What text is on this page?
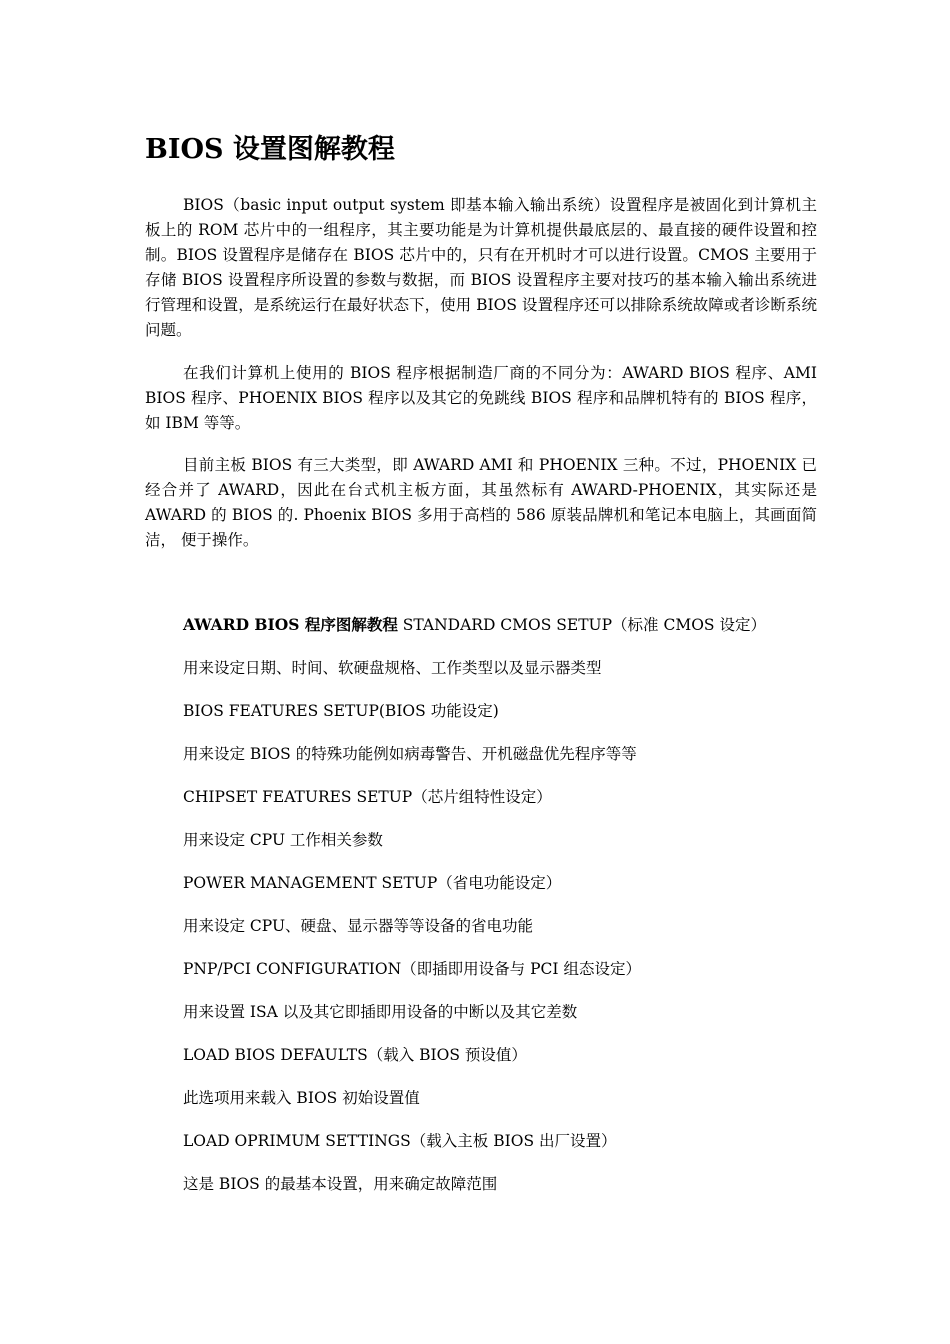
BIOS 设置图解教程

BIOS（basic input output system 即基本输入输出系统）设置程序是被固化到计算机主板上的 ROM 芯片中的一组程序，其主要功能是为计算机提供最底层的、最直接的硬件设置和控制。BIOS 设置程序是储存在 BIOS 芯片中的，只有在开机时才可以进行设置。CMOS 主要用于存储 BIOS 设置程序所设置的参数与数据，而 BIOS 设置程序主要对技巧的基本输入输出系统进行管理和设置，是系统运行在最好状态下，使用 BIOS 设置程序还可以排除系统故障或者诊断系统问题。

在我们计算机上使用的 BIOS 程序根据制造厂商的不同分为：AWARD BIOS 程序、AMI BIOS 程序、PHOENIX BIOS 程序以及其它的免跳线 BIOS 程序和品牌机特有的 BIOS 程序，如 IBM 等等。

目前主板 BIOS 有三大类型，即 AWARD AMI 和 PHOENIX 三种。不过，PHOENIX 已经合并了 AWARD，因此在台式机主板方面，其虽然标有 AWARD-PHOENIX，其实际还是 AWARD 的 BIOS 的. Phoenix BIOS 多用于高档的 586 原装品牌机和笔记本电脑上，其画面简洁， 便于操作。

AWARD BIOS 程序图解教程 STANDARD CMOS SETUP（标准 CMOS 设定）
用来设定日期、时间、软硬盘规格、工作类型以及显示器类型
BIOS FEATURES SETUP(BIOS 功能设定)
用来设定 BIOS 的特殊功能例如病毒警告、开机磁盘优先程序等等
CHIPSET FEATURES SETUP（芯片组特性设定）
用来设定 CPU 工作相关参数
POWER MANAGEMENT SETUP（省电功能设定）
用来设定 CPU、硬盘、显示器等等设备的省电功能
PNP/PCI CONFIGURATION（即插即用设备与 PCI 组态设定）
用来设置 ISA 以及其它即插即用设备的中断以及其它差数
LOAD BIOS DEFAULTS（载入 BIOS 预设值）
此选项用来载入 BIOS 初始设置值
LOAD OPRIMUM SETTINGS（载入主板 BIOS 出厂设置）
这是 BIOS 的最基本设置，用来确定故障范围
